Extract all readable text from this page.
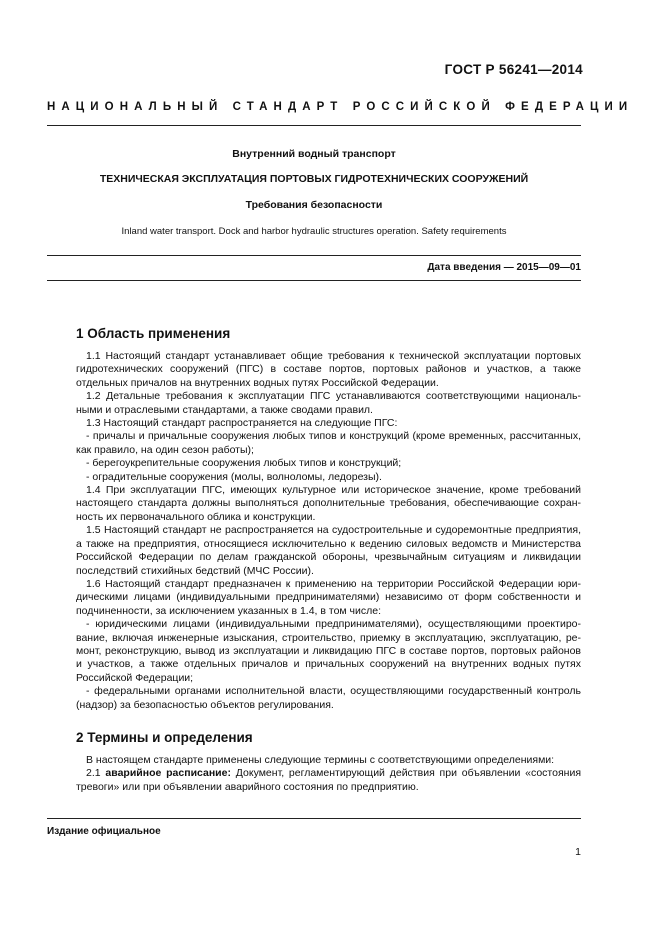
ГОСТ Р 56241—2014
НАЦИОНАЛЬНЫЙ СТАНДАРТ РОССИЙСКОЙ ФЕДЕРАЦИИ
Внутренний водный транспорт
ТЕХНИЧЕСКАЯ ЭКСПЛУАТАЦИЯ ПОРТОВЫХ ГИДРОТЕХНИЧЕСКИХ СООРУЖЕНИЙ
Требования безопасности
Inland water transport. Dock and harbor hydraulic structures operation. Safety requirements
Дата введения — 2015—09—01
1 Область применения

1.1 Настоящий стандарт устанавливает общие требования к технической эксплуатации портовых гидротехнических сооружений (ПГС) в составе портов, портовых районов и участков, а также отдельных причалов на внутренних водных путях Российской Федерации.

1.2 Детальные требования к эксплуатации ПГС устанавливаются соответствующими национальными и отраслевыми стандартами, а также сводами правил.

1.3 Настоящий стандарт распространяется на следующие ПГС:

- причалы и причальные сооружения любых типов и конструкций (кроме временных, рассчитанных, как правило, на один сезон работы);

- берегоукрепительные сооружения любых типов и конструкций;

- оградительные сооружения (молы, волноломы, ледорезы).

1.4 При эксплуатации ПГС, имеющих культурное или историческое значение, кроме требований настоящего стандарта должны выполняться дополнительные требования, обеспечивающие сохранность их первоначального облика и конструкции.

1.5 Настоящий стандарт не распространяется на судостроительные и судоремонтные предприятия, а также на предприятия, относящиеся исключительно к ведению силовых ведомств и Министерства Российской Федерации по делам гражданской обороны, чрезвычайным ситуациям и ликвидации последствий стихийных бедствий (МЧС России).

1.6 Настоящий стандарт предназначен к применению на территории Российской Федерации юридическими лицами (индивидуальными предпринимателями) независимо от форм собственности и подчиненности, за исключением указанных в 1.4, в том числе:

- юридическими лицами (индивидуальными предпринимателями), осуществляющими проектирование, включая инженерные изыскания, строительство, приемку в эксплуатацию, эксплуатацию, ремонт, реконструкцию, вывод из эксплуатации и ликвидацию ПГС в составе портов, портовых районов и участков, а также отдельных причалов и причальных сооружений на внутренних водных путях Российской Федерации;

- федеральными органами исполнительной власти, осуществляющими государственный контроль (надзор) за безопасностью объектов регулирования.

2 Термины и определения

В настоящем стандарте применены следующие термины с соответствующими определениями:

2.1 аварийное расписание: Документ, регламентирующий действия при объявлении «состояния тревоги» или при объявлении аварийного состояния по предприятию.

Издание официальное
1
